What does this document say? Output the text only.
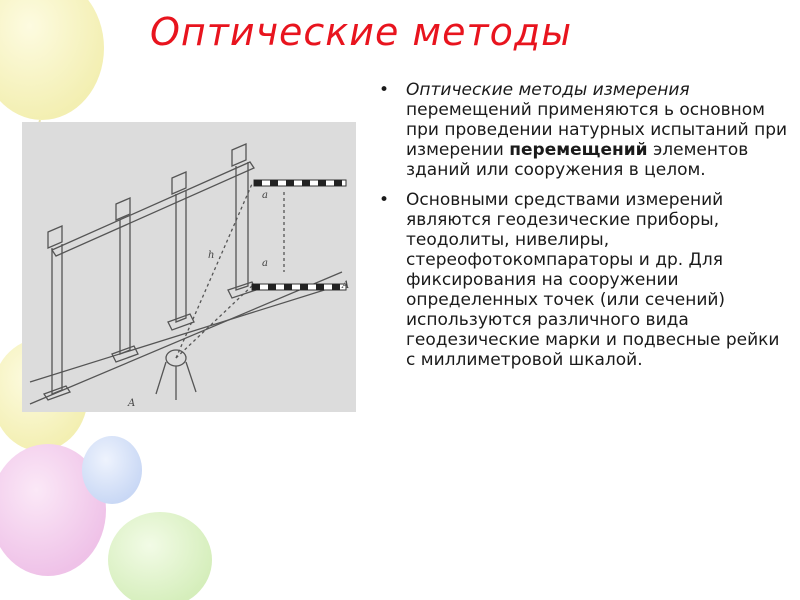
Оптические методы
A
A
h
a
a
• Оптические методы измерения перемещений применяются ь основном при проведении натурных испытаний при измерении перемещений элементов зданий или сооружения в целом.
• Основными средствами измерений являются геодезические приборы, теодолиты, нивелиры, стереофотокомпараторы и др. Для фиксирования на сооружении определенных точек (или сечений) используются различного вида геодезические марки и подвесные рейки с миллиметровой шкалой.
